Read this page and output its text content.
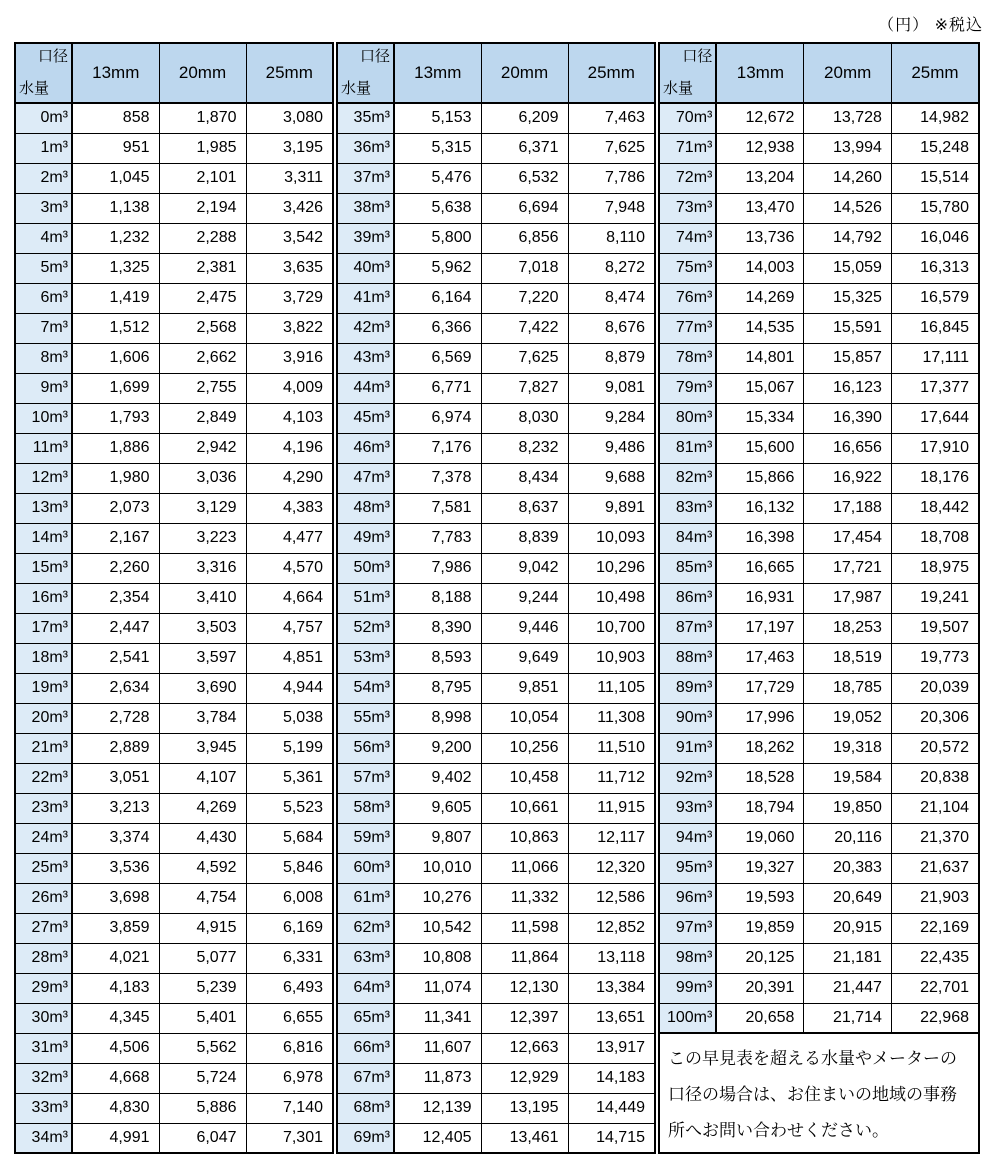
（円） ※税込
口径
水量	13mm	20mm	25mm
0m³	858	1,870	3,080
1m³	951	1,985	3,195
2m³	1,045	2,101	3,311
3m³	1,138	2,194	3,426
4m³	1,232	2,288	3,542
5m³	1,325	2,381	3,635
6m³	1,419	2,475	3,729
7m³	1,512	2,568	3,822
8m³	1,606	2,662	3,916
9m³	1,699	2,755	4,009
10m³	1,793	2,849	4,103
11m³	1,886	2,942	4,196
12m³	1,980	3,036	4,290
13m³	2,073	3,129	4,383
14m³	2,167	3,223	4,477
15m³	2,260	3,316	4,570
16m³	2,354	3,410	4,664
17m³	2,447	3,503	4,757
18m³	2,541	3,597	4,851
19m³	2,634	3,690	4,944
20m³	2,728	3,784	5,038
21m³	2,889	3,945	5,199
22m³	3,051	4,107	5,361
23m³	3,213	4,269	5,523
24m³	3,374	4,430	5,684
25m³	3,536	4,592	5,846
26m³	3,698	4,754	6,008
27m³	3,859	4,915	6,169
28m³	4,021	5,077	6,331
29m³	4,183	5,239	6,493
30m³	4,345	5,401	6,655
31m³	4,506	5,562	6,816
32m³	4,668	5,724	6,978
33m³	4,830	5,886	7,140
34m³	4,991	6,047	7,301
口径
水量	13mm	20mm	25mm
35m³	5,153	6,209	7,463
36m³	5,315	6,371	7,625
37m³	5,476	6,532	7,786
38m³	5,638	6,694	7,948
39m³	5,800	6,856	8,110
40m³	5,962	7,018	8,272
41m³	6,164	7,220	8,474
42m³	6,366	7,422	8,676
43m³	6,569	7,625	8,879
44m³	6,771	7,827	9,081
45m³	6,974	8,030	9,284
46m³	7,176	8,232	9,486
47m³	7,378	8,434	9,688
48m³	7,581	8,637	9,891
49m³	7,783	8,839	10,093
50m³	7,986	9,042	10,296
51m³	8,188	9,244	10,498
52m³	8,390	9,446	10,700
53m³	8,593	9,649	10,903
54m³	8,795	9,851	11,105
55m³	8,998	10,054	11,308
56m³	9,200	10,256	11,510
57m³	9,402	10,458	11,712
58m³	9,605	10,661	11,915
59m³	9,807	10,863	12,117
60m³	10,010	11,066	12,320
61m³	10,276	11,332	12,586
62m³	10,542	11,598	12,852
63m³	10,808	11,864	13,118
64m³	11,074	12,130	13,384
65m³	11,341	12,397	13,651
66m³	11,607	12,663	13,917
67m³	11,873	12,929	14,183
68m³	12,139	13,195	14,449
69m³	12,405	13,461	14,715
口径
水量	13mm	20mm	25mm
70m³	12,672	13,728	14,982
71m³	12,938	13,994	15,248
72m³	13,204	14,260	15,514
73m³	13,470	14,526	15,780
74m³	13,736	14,792	16,046
75m³	14,003	15,059	16,313
76m³	14,269	15,325	16,579
77m³	14,535	15,591	16,845
78m³	14,801	15,857	17,111
79m³	15,067	16,123	17,377
80m³	15,334	16,390	17,644
81m³	15,600	16,656	17,910
82m³	15,866	16,922	18,176
83m³	16,132	17,188	18,442
84m³	16,398	17,454	18,708
85m³	16,665	17,721	18,975
86m³	16,931	17,987	19,241
87m³	17,197	18,253	19,507
88m³	17,463	18,519	19,773
89m³	17,729	18,785	20,039
90m³	17,996	19,052	20,306
91m³	18,262	19,318	20,572
92m³	18,528	19,584	20,838
93m³	18,794	19,850	21,104
94m³	19,060	20,116	21,370
95m³	19,327	20,383	21,637
96m³	19,593	20,649	21,903
97m³	19,859	20,915	22,169
98m³	20,125	21,181	22,435
99m³	20,391	21,447	22,701
100m³	20,658	21,714	22,968
この早見表を超える水量やメーターの
口径の場合は、お住まいの地域の事務
所へお問い合わせください。
